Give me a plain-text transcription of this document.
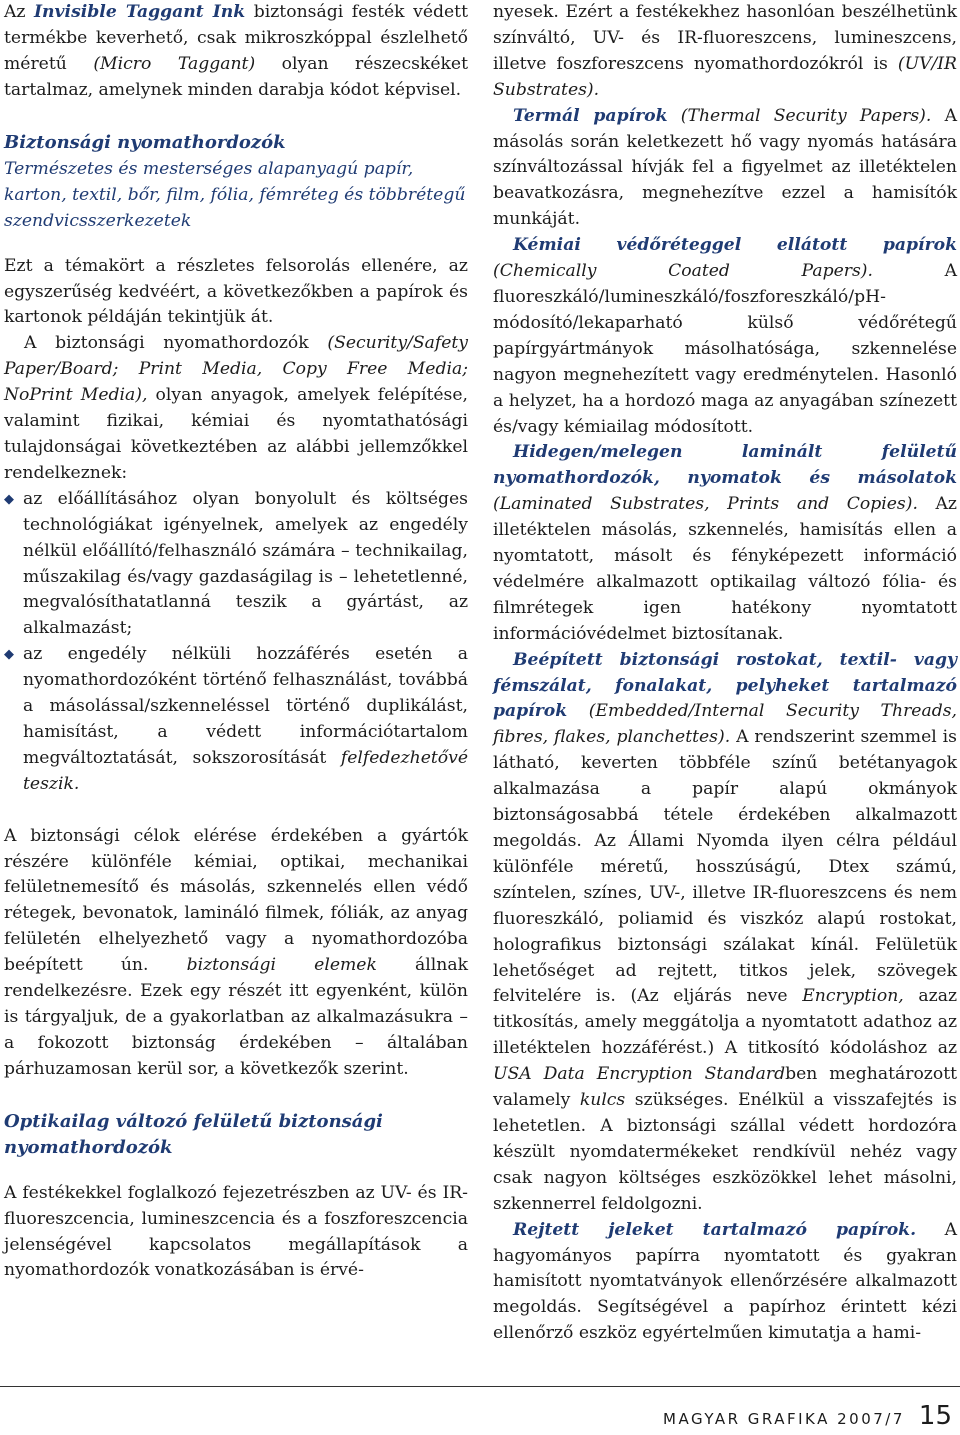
Az Invisible Taggant Ink biztonsági festék védett termékbe keverhető, csak mikroszkóppal észlelhető méretű (Micro Taggant) olyan részecskéket tartalmaz, amelynek minden darabja kódot képvisel.

Biztonsági nyomathordozók
Természetes és mesterséges alapanyagú papír, karton, textil, bőr, film, fólia, fémréteg és többrétegű szendvicsszerkezetek

Ezt a témakört a részletes felsorolás ellenére, az egyszerűség kedvéért, a következőkben a papírok és kartonok példáján tekintjük át.

A biztonsági nyomathordozók (Security/Safety Paper/Board; Print Media, Copy Free Media; NoPrint Media), olyan anyagok, amelyek felépítése, valamint fizikai, kémiai és nyomtathatósági tulajdonságai következtében az alábbi jellemzőkkel rendelkeznek:

◆ az előállításához olyan bonyolult és költséges technológiákat igényelnek, amelyek az engedély nélkül előállító/felhasználó számára – technikailag, műszakilag és/vagy gazdaságilag is – lehetetlenné, megvalósíthatatlanná teszik a gyártást, az alkalmazást;
◆ az engedély nélküli hozzáférés esetén a nyomathordozóként történő felhasználást, továbbá a másolással/szkenneléssel történő duplikálást, hamisítást, a védett információtartalom megváltoztatását, sokszorosítását felfedezhetővé teszik.

A biztonsági célok elérése érdekében a gyártók részére különféle kémiai, optikai, mechanikai felületnemesítő és másolás, szkennelés ellen védő rétegek, bevonatok, lamináló filmek, fóliák, az anyag felületén elhelyezhető vagy a nyomathordozóba beépített ún. biztonsági elemek állnak rendelkezésre. Ezek egy részét itt egyenként, külön is tárgyaljuk, de a gyakorlatban az alkalmazásukra – a fokozott biztonság érdekében – általában párhuzamosan kerül sor, a következők szerint.

Optikailag változó felületű biztonsági nyomathordozók

A festékekkel foglalkozó fejezetrészben az UV- és IR-fluoreszcencia, lumineszcencia és a foszforeszcencia jelenségével kapcsolatos megállapítások a nyomathordozók vonatkozásában is érvé-

nyesek. Ezért a festékekhez hasonlóan beszélhetünk színváltó, UV- és IR-fluoreszcens, lumineszcens, illetve foszforeszcens nyomathordozókról is (UV/IR Substrates).

Termál papírok (Thermal Security Papers). A másolás során keletkezett hő vagy nyomás hatására színváltozással hívják fel a figyelmet az illetéktelen beavatkozásra, megnehezítve ezzel a hamisítók munkáját.

Kémiai védőréteggel ellátott papírok (Chemically Coated Papers). A fluoreszkáló/lumineszkáló/foszforeszkáló/pH-módosító/lekaparható külső védőrétegű papírgyártmányok másolhatósága, szkennelése nagyon megnehezített vagy eredménytelen. Hasonló a helyzet, ha a hordozó maga az anyagában színezett és/vagy kémiailag módosított.

Hidegen/melegen laminált felületű nyomathordozók, nyomatok és másolatok (Laminated Substrates, Prints and Copies). Az illetéktelen másolás, szkennelés, hamisítás ellen a nyomtatott, másolt és fényképezett információ védelmére alkalmazott optikailag változó fólia- és filmrétegek igen hatékony nyomtatott információvédelmet biztosítanak.

Beépített biztonsági rostokat, textil- vagy fémszálat, fonalakat, pelyheket tartalmazó papírok (Embedded/Internal Security Threads, fibres, flakes, planchettes). A rendszerint szemmel is látható, keverten többféle színű betétanyagok alkalmazása a papír alapú okmányok biztonságosabbá tétele érdekében alkalmazott megoldás. Az Állami Nyomda ilyen célra például különféle méretű, hosszúságú, Dtex számú, színtelen, színes, UV-, illetve IR-fluoreszcens és nem fluoreszkáló, poliamid és viszkóz alapú rostokat, holografikus biztonsági szálakat kínál. Felületük lehetőséget ad rejtett, titkos jelek, szövegek felvitelére is. (Az eljárás neve Encryption, azaz titkosítás, amely meggátolja a nyomtatott adathoz az illetéktelen hozzáférést.) A titkosító kódoláshoz az USA Data Encryption Standardben meghatározott valamely kulcs szükséges. Enélkül a visszafejtés is lehetetlen. A biztonsági szállal védett hordozóra készült nyomdatermékeket rendkívül nehéz vagy csak nagyon költséges eszközökkel lehet másolni, szkennerrel feldolgozni.

Rejtett jeleket tartalmazó papírok. A hagyományos papírra nyomtatott és gyakran hamisított nyomtatványok ellenőrzésére alkalmazott megoldás. Segítségével a papírhoz érintett kézi ellenőrző eszköz egyértelműen kimutatja a hami-

MAGYAR GRAFIKA 2007/7 15
